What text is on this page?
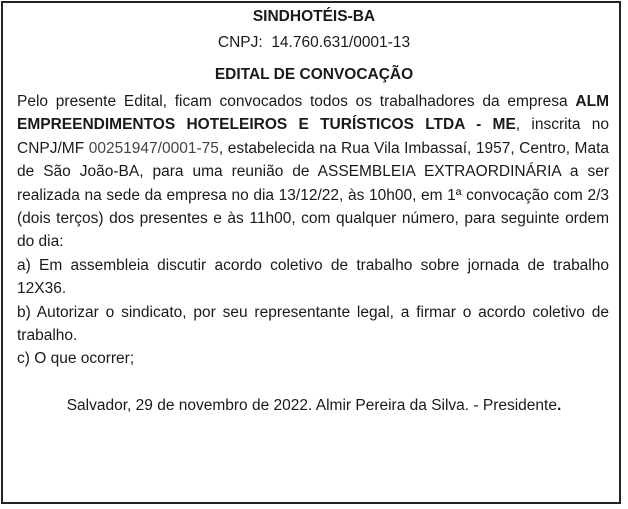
SINDHOTÉIS-BA
CNPJ: 14.760.631/0001-13
EDITAL DE CONVOCAÇÃO

Pelo presente Edital, ficam convocados todos os trabalhadores da empresa ALM EMPREENDIMENTOS HOTELEIROS E TURÍSTICOS LTDA - ME, inscrita no CNPJ/MF 00251947/0001-75, estabelecida na Rua Vila Imbassaí, 1957, Centro, Mata de São João-BA, para uma reunião de ASSEMBLEIA EXTRAORDINÁRIA a ser realizada na sede da empresa no dia 13/12/22, às 10h00, em 1ª convocação com 2/3 (dois terços) dos presentes e às 11h00, com qualquer número, para seguinte ordem do dia:

a) Em assembleia discutir acordo coletivo de trabalho sobre jornada de trabalho 12X36.

b) Autorizar o sindicato, por seu representante legal, a firmar o acordo coletivo de trabalho.

c) O que ocorrer;

Salvador, 29 de novembro de 2022. Almir Pereira da Silva. - Presidente.
